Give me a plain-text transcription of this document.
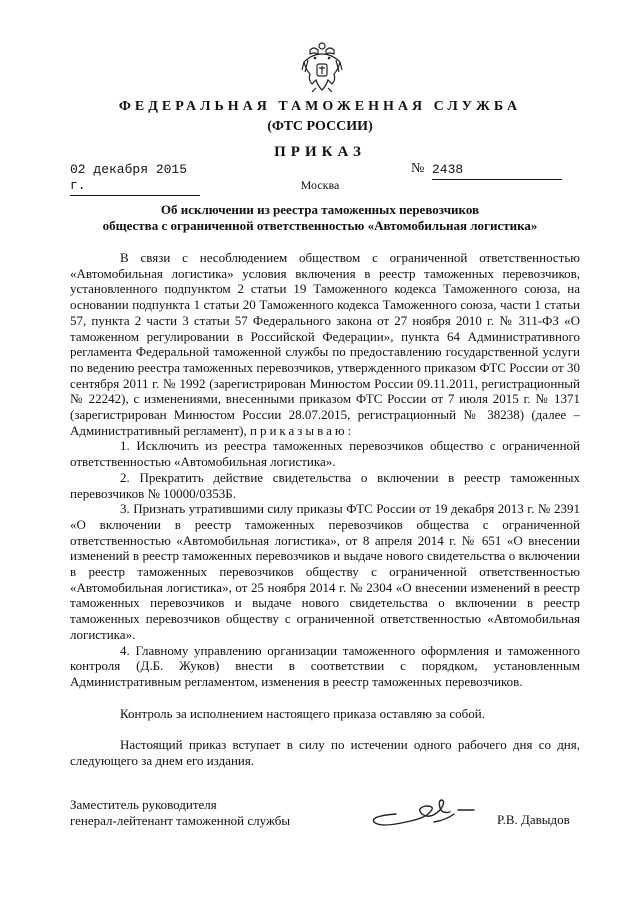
ФЕДЕРАЛЬНАЯ ТАМОЖЕННАЯ СЛУЖБА
(ФТС РОССИИ)
ПРИКАЗ
02 декабря 2015 г.
№ 2438
Москва
Об исключении из реестра таможенных перевозчиков
общества с ограниченной ответственностью «Автомобильная логистика»

В связи с несоблюдением обществом с ограниченной ответственностью «Автомобильная логистика» условия включения в реестр таможенных перевозчиков, установленного подпунктом 2 статьи 19 Таможенного кодекса Таможенного союза, на основании подпункта 1 статьи 20 Таможенного кодекса Таможенного союза, части 1 статьи 57, пункта 2 части 3 статьи 57 Федерального закона от 27 ноября 2010 г. № 311-ФЗ «О таможенном регулировании в Российской Федерации», пункта 64 Административного регламента Федеральной таможенной службы по предоставлению государственной услуги по ведению реестра таможенных перевозчиков, утвержденного приказом ФТС России от 30 сентября 2011 г. № 1992 (зарегистрирован Минюстом России 09.11.2011, регистрационный № 22242), с изменениями, внесенными приказом ФТС России от 7 июля 2015 г. № 1371 (зарегистрирован Минюстом России 28.07.2015, регистрационный № 38238) (далее – Административный регламент), приказываю:

1. Исключить из реестра таможенных перевозчиков общество с ограниченной ответственностью «Автомобильная логистика».

2. Прекратить действие свидетельства о включении в реестр таможенных перевозчиков № 10000/0353Б.

3. Признать утратившими силу приказы ФТС России от 19 декабря 2013 г. № 2391 «О включении в реестр таможенных перевозчиков общества с ограниченной ответственностью «Автомобильная логистика», от 8 апреля 2014 г. № 651 «О внесении изменений в реестр таможенных перевозчиков и выдаче нового свидетельства о включении в реестр таможенных перевозчиков обществу с ограниченной ответственностью «Автомобильная логистика», от 25 ноября 2014 г. № 2304 «О внесении изменений в реестр таможенных перевозчиков и выдаче нового свидетельства о включении в реестр таможенных перевозчиков обществу с ограниченной ответственностью «Автомобильная логистика».

4. Главному управлению организации таможенного оформления и таможенного контроля (Д.Б. Жуков) внести в соответствии с порядком, установленным Административным регламентом, изменения в реестр таможенных перевозчиков.

Контроль за исполнением настоящего приказа оставляю за собой.

Настоящий приказ вступает в силу по истечении одного рабочего дня со дня, следующего за днем его издания.

Заместитель руководителя
генерал-лейтенант таможенной службы	Р.В. Давыдов
